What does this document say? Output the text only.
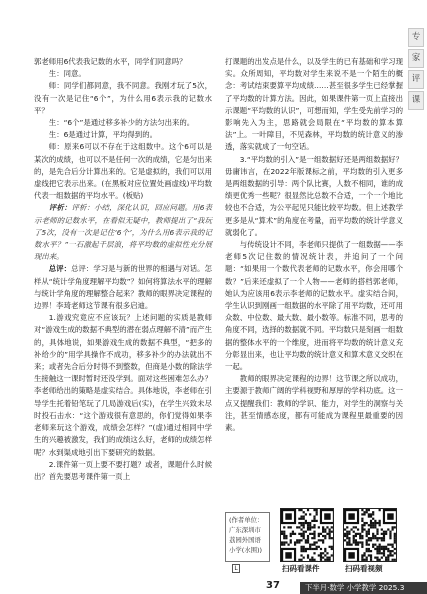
专
家
评
课

郭老师用6代表我记数的水平，同学们同意吗？

生：同意。

师：同学们都同意，我不同意。我刚才玩了5次，没有一次是记住“6个”，为什么用6表示我的记数水平？

生：“6个”是通过移多补少的方法匀出来的。

生：6是通过计算，平均得到的。

师：原来6可以不存在于这组数中。这个6可以是某次的成绩，也可以不是任何一次的成绩，它是匀出来的，是先合后分计算出来的。它是虚拟的，我们可以用虚线把它表示出来。(在黑板对应位置处画虚线)平均数代表一组数据的平均水平。(板贴)

评析：评析：小结，深化认识，回应问题。用6表示老师的记数水平，在看似无疑中，教师提出了“我玩了5次，没有一次是记住‘6个’，为什么用6表示我的记数水平？”一石激起千层浪，将平均数的虚拟性充分展现出来。

总评：总评：学习是与新的世界的相遇与对话。怎样从“统计学角度理解平均数”？如何将算法水平的理解与统计学角度的理解整合起来？教师的眼界决定课程的边界！李琦老师这节课有很多启迪。

1.游戏究竟应不应该玩？上述问题的实质是教师对“游戏生成的数据不典型的潜在弱点理解不清”而产生的，具体地说，如果游戏生成的数据不典型，“把多的补给少的”用学具操作不成功，移多补少的办法就出不来；或者先合后分时得不到整数，但商是小数的除法学生接触这一课时暂时还没学到。面对这些困难怎么办？李老师给出的策略是虚实结合。具体地说，李老师在引导学生托着铅笔玩了几局游戏后(实)，在学生兴致未尽时投石击水：“这个游戏很有意思的，你们觉得如果李老师来玩这个游戏，成绩会怎样？”(虚)通过相同中学生的兴趣被激发，我们的成绩这么好，老师的成绩怎样呢？水到渠成地引出下要研究的数据。

2.课件第一页上要不要打题？或者，课题什么时候出？首先要思考课件第一页上

打课题的出发点是什么，以及学生的已有基础和学习现实。众所周知，平均数对学生来说不是一个陌生的概念：考试结束要算平均成绩……甚至很多学生已经掌握了平均数的计算方法。因此，如果课件第一页上直接出示课题“平均数的认识”，可想而知，学生受先前学习的影响先入为主，思路就会局限在“平均数的算本算法”上。一叶障目，不见森林，平均数的统计意义的渗透，落实就成了一句空话。

3.“平均数的引入”是一组数据好还是两组数据好？毋庸讳言，在2022年版课标之前，平均数的引入更多是两组数据的引导：两个队比赛，人数不相同，谁的成绩更优秀一些呢？很显然比总数不合适，一个一个地比较也不合适，为公平起见只能比较平均数。但上述教学更多是从“算术”的角度在考量，而平均数的统计学意义就弱化了。

与传统设计不同，李老师只提供了一组数据——李老师5次记住数的情况统计表，并追问了一个问题：“如果用一个数代表老师的记数水平，你会用哪个数？”后来还虚拟了一个人物——老师的搭档郭老师，她认为应该用6表示李老师的记数水平。虚实结合间，学生认识到刚画一组数据的水平除了用平均数，还可用众数、中位数、最大数、最小数等。标准不同，思考的角度不同，选择的数据就不同。平均数只是刻画一组数据的整体水平的一个维度，进而将平均数的统计意义充分彰显出来，也让平均数的统计意义和算术意义交织在一起。

教师的眼界决定课程的边界！这节课之所以成功，主要源于教师广阔的学科视野和厚厚的学科功底。这一点又提醒我们：教师的学识、能力，对学生的洞察与关注，甚至情感态度，都有可能成为课程里最重要的因素。

(作者单位：广东深圳市荔园外国语小学(水围))
L	扫码看课件	扫码看视频
37	下半月·数学 小学教学 2025.3
